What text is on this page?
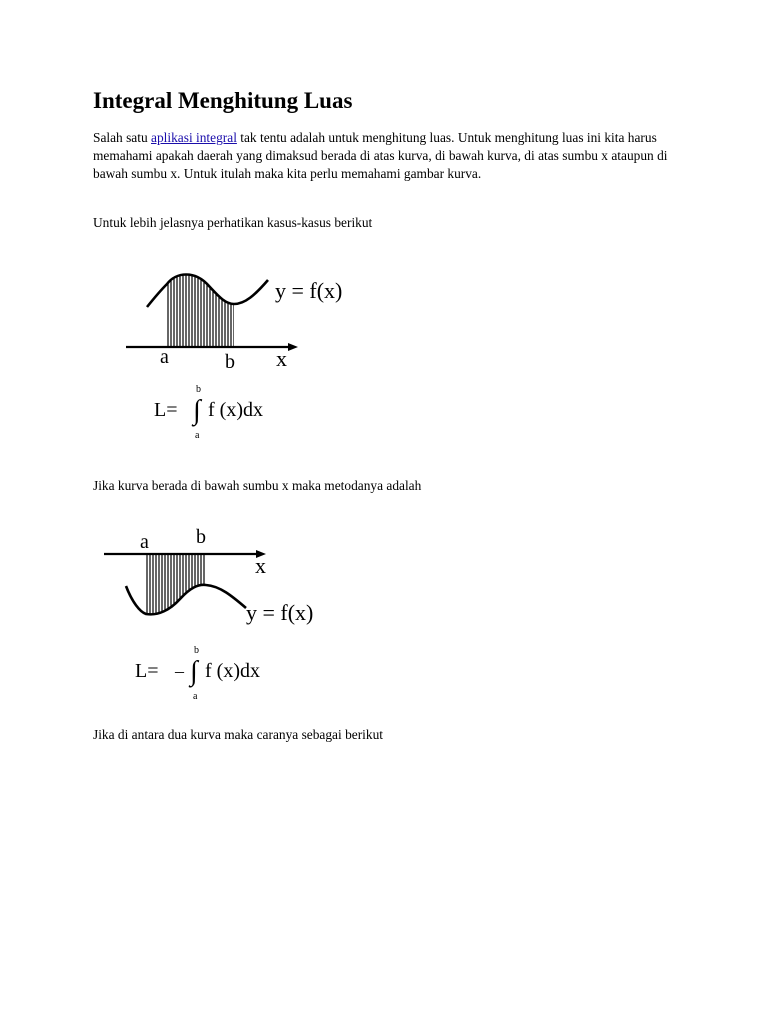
Integral Menghitung Luas

Salah satu aplikasi integral tak tentu adalah untuk menghitung luas. Untuk menghitung luas ini kita harus memahami apakah daerah yang dimaksud berada di atas kurva, di bawah kurva, di atas sumbu x ataupun di bawah sumbu x. Untuk itulah maka kita perlu memahami gambar kurva.

Untuk lebih jelasnya perhatikan kasus-kasus berikut

Jika kurva berada di bawah sumbu x maka metodanya adalah

Jika di antara dua kurva maka caranya sebagai berikut

y = f(x)
a	b x
L= ∫
b
a
f (x)dx
a b
x
y = f(x)
L= – ∫
b
a
f (x)dx
